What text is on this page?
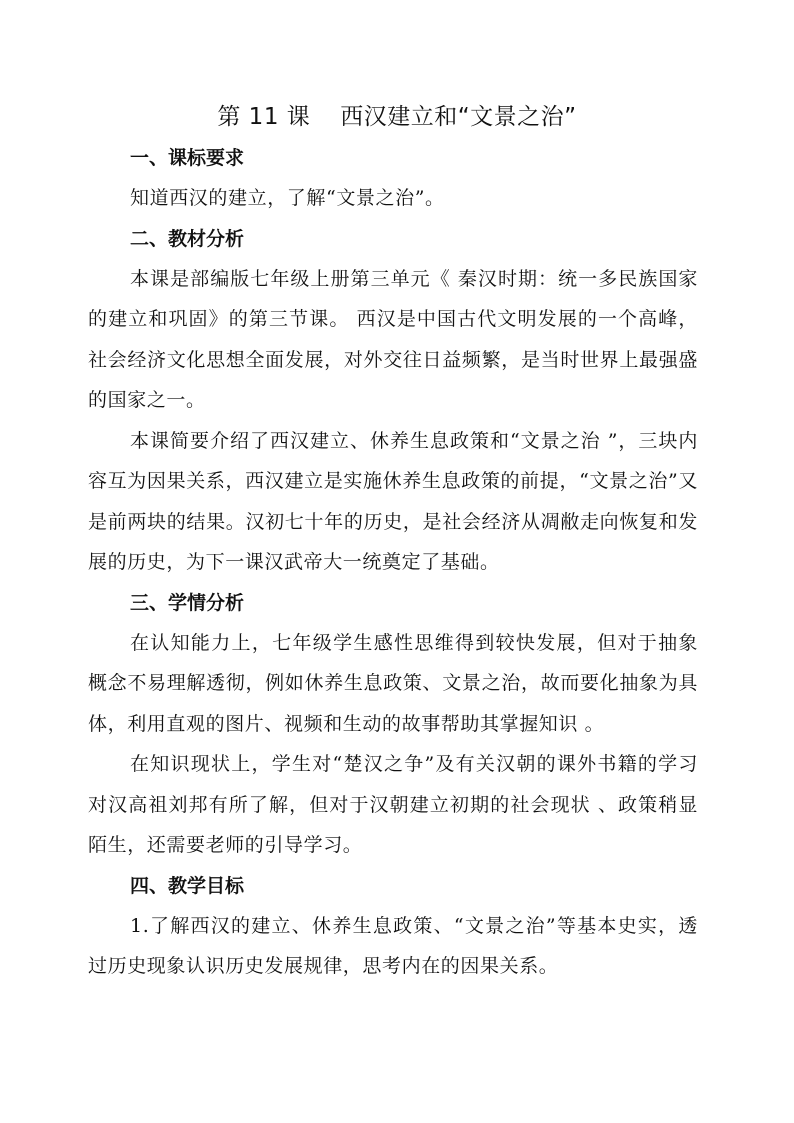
第 11 课 西汉建立和“文景之治”
一、课标要求

知道西汉的建立，了解“文景之治”。

二、教材分析

本课是部编版七年级上册第三单元《 秦汉时期：统一多民族国家的建立和巩固》的第三节课。 西汉是中国古代文明发展的一个高峰，社会经济文化思想全面发展，对外交往日益频繁，是当时世界上最强盛的国家之一。

本课简要介绍了西汉建立、休养生息政策和“文景之治 ”，三块内容互为因果关系，西汉建立是实施休养生息政策的前提，“文景之治”又是前两块的结果。汉初七十年的历史，是社会经济从凋敝走向恢复和发展的历史，为下一课汉武帝大一统奠定了基础。

三、学情分析

在认知能力上，七年级学生感性思维得到较快发展，但对于抽象概念不易理解透彻，例如休养生息政策、文景之治，故而要化抽象为具体，利用直观的图片、视频和生动的故事帮助其掌握知识 。

在知识现状上，学生对“楚汉之争”及有关汉朝的课外书籍的学习对汉高祖刘邦有所了解，但对于汉朝建立初期的社会现状 、政策稍显陌生，还需要老师的引导学习。

四、教学目标

1.了解西汉的建立、休养生息政策、“文景之治”等基本史实，透过历史现象认识历史发展规律，思考内在的因果关系。
